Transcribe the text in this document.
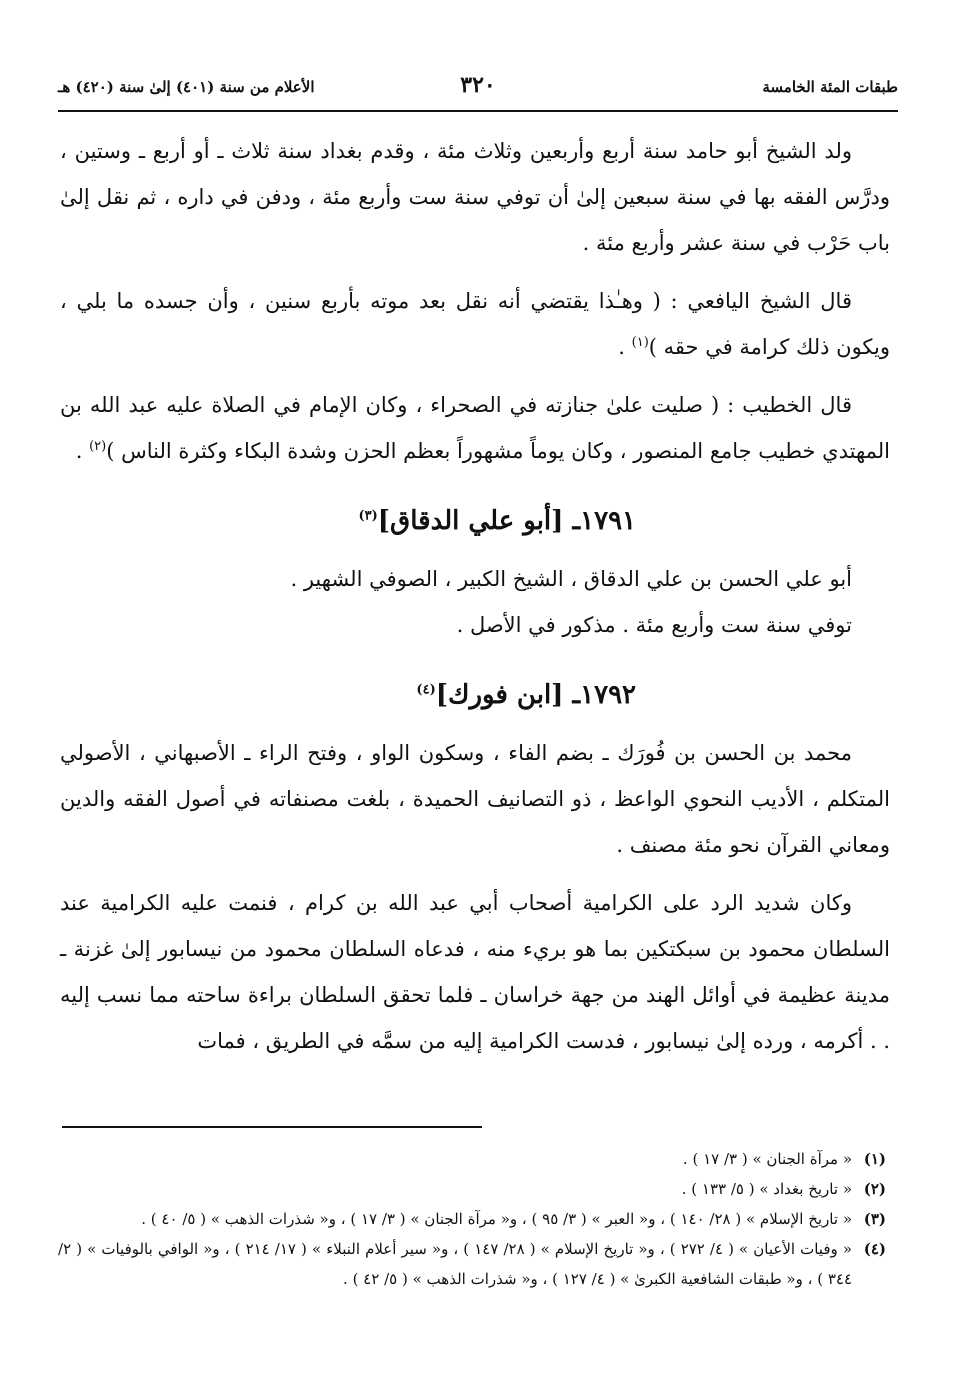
طبقات المئة الخامسة
٣٢٠
الأعلام من سنة (٤٠١) إلىٰ سنة (٤٢٠) هـ

ولد الشيخ أبو حامد سنة أربع وأربعين وثلاث مئة ، وقدم بغداد سنة ثلاث ـ أو أربع ـ وستين ، ودرَّس الفقه بها في سنة سبعين إلىٰ أن توفي سنة ست وأربع مئة ، ودفن في داره ، ثم نقل إلىٰ باب حَرْب في سنة عشر وأربع مئة .

قال الشيخ اليافعي : ( وهـٰذا يقتضي أنه نقل بعد موته بأربع سنين ، وأن جسده ما بلي ، ويكون ذلك كرامة في حقه )$^{(١)}$ .

قال الخطيب : ( صليت علىٰ جنازته في الصحراء ، وكان الإمام في الصلاة عليه عبد الله بن المهتدي خطيب جامع المنصور ، وكان يوماً مشهوراً بعظم الحزن وشدة البكاء وكثرة الناس )$^{(٢)}$ .

١٧٩١ـ [أبو علي الدقاق]$^{(٣)}$

أبو علي الحسن بن علي الدقاق ، الشيخ الكبير ، الصوفي الشهير .

توفي سنة ست وأربع مئة . مذكور في الأصل .

١٧٩٢ـ [ابن فورك]$^{(٤)}$

محمد بن الحسن بن فُورَك ـ بضم الفاء ، وسكون الواو ، وفتح الراء ـ الأصبهاني ، الأصولي المتكلم ، الأديب النحوي الواعظ ، ذو التصانيف الحميدة ، بلغت مصنفاته في أصول الفقه والدين ومعاني القرآن نحو مئة مصنف .

وكان شديد الرد على الكرامية أصحاب أبي عبد الله بن كرام ، فنمت عليه الكرامية عند السلطان محمود بن سبكتكين بما هو بريء منه ، فدعاه السلطان محمود من نيسابور إلىٰ غزنة ـ مدينة عظيمة في أوائل الهند من جهة خراسان ـ فلما تحقق السلطان براءة ساحته مما نسب إليه . . أكرمه ، ورده إلىٰ نيسابور ، فدست الكرامية إليه من سمَّه في الطريق ، فمات

(١)
« مرآة الجنان » ( ٣/ ١٧ ) .
(٢)
« تاريخ بغداد » ( ٥/ ١٣٣ ) .
(٣)
« تاريخ الإسلام » ( ٢٨/ ١٤٠ ) ، و« العبر » ( ٣/ ٩٥ ) ، و« مرآة الجنان » ( ٣/ ١٧ ) ، و« شذرات الذهب » ( ٥/ ٤٠ ) .
(٤)
« وفيات الأعيان » ( ٤/ ٢٧٢ ) ، و« تاريخ الإسلام » ( ٢٨/ ١٤٧ ) ، و« سير أعلام النبلاء » ( ١٧/ ٢١٤ ) ، و« الوافي بالوفيات » ( ٢/ ٣٤٤ ) ، و« طبقات الشافعية الكبرىٰ » ( ٤/ ١٢٧ ) ، و« شذرات الذهب » ( ٥/ ٤٢ ) .
